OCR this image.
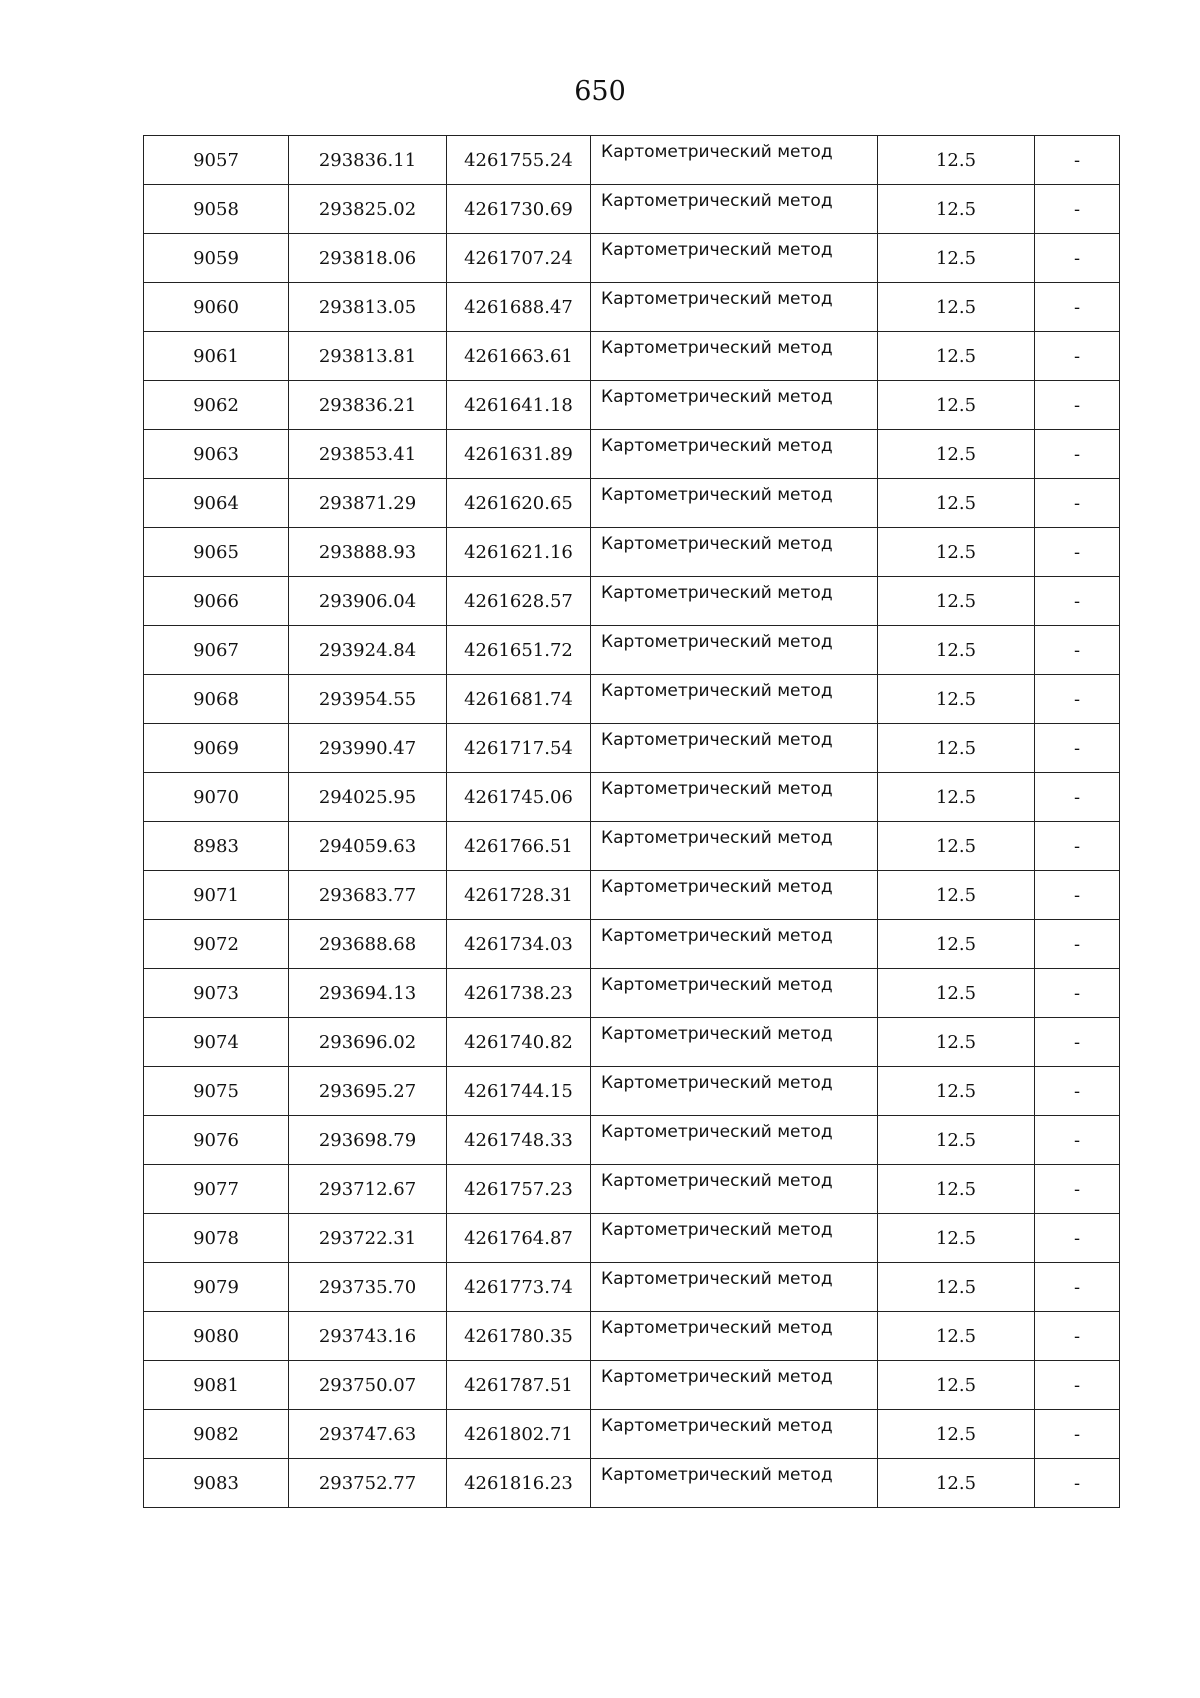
650
9057	293836.11	4261755.24	Картометрический метод	12.5	-
9058	293825.02	4261730.69	Картометрический метод	12.5	-
9059	293818.06	4261707.24	Картометрический метод	12.5	-
9060	293813.05	4261688.47	Картометрический метод	12.5	-
9061	293813.81	4261663.61	Картометрический метод	12.5	-
9062	293836.21	4261641.18	Картометрический метод	12.5	-
9063	293853.41	4261631.89	Картометрический метод	12.5	-
9064	293871.29	4261620.65	Картометрический метод	12.5	-
9065	293888.93	4261621.16	Картометрический метод	12.5	-
9066	293906.04	4261628.57	Картометрический метод	12.5	-
9067	293924.84	4261651.72	Картометрический метод	12.5	-
9068	293954.55	4261681.74	Картометрический метод	12.5	-
9069	293990.47	4261717.54	Картометрический метод	12.5	-
9070	294025.95	4261745.06	Картометрический метод	12.5	-
8983	294059.63	4261766.51	Картометрический метод	12.5	-
9071	293683.77	4261728.31	Картометрический метод	12.5	-
9072	293688.68	4261734.03	Картометрический метод	12.5	-
9073	293694.13	4261738.23	Картометрический метод	12.5	-
9074	293696.02	4261740.82	Картометрический метод	12.5	-
9075	293695.27	4261744.15	Картометрический метод	12.5	-
9076	293698.79	4261748.33	Картометрический метод	12.5	-
9077	293712.67	4261757.23	Картометрический метод	12.5	-
9078	293722.31	4261764.87	Картометрический метод	12.5	-
9079	293735.70	4261773.74	Картометрический метод	12.5	-
9080	293743.16	4261780.35	Картометрический метод	12.5	-
9081	293750.07	4261787.51	Картометрический метод	12.5	-
9082	293747.63	4261802.71	Картометрический метод	12.5	-
9083	293752.77	4261816.23	Картометрический метод	12.5	-
